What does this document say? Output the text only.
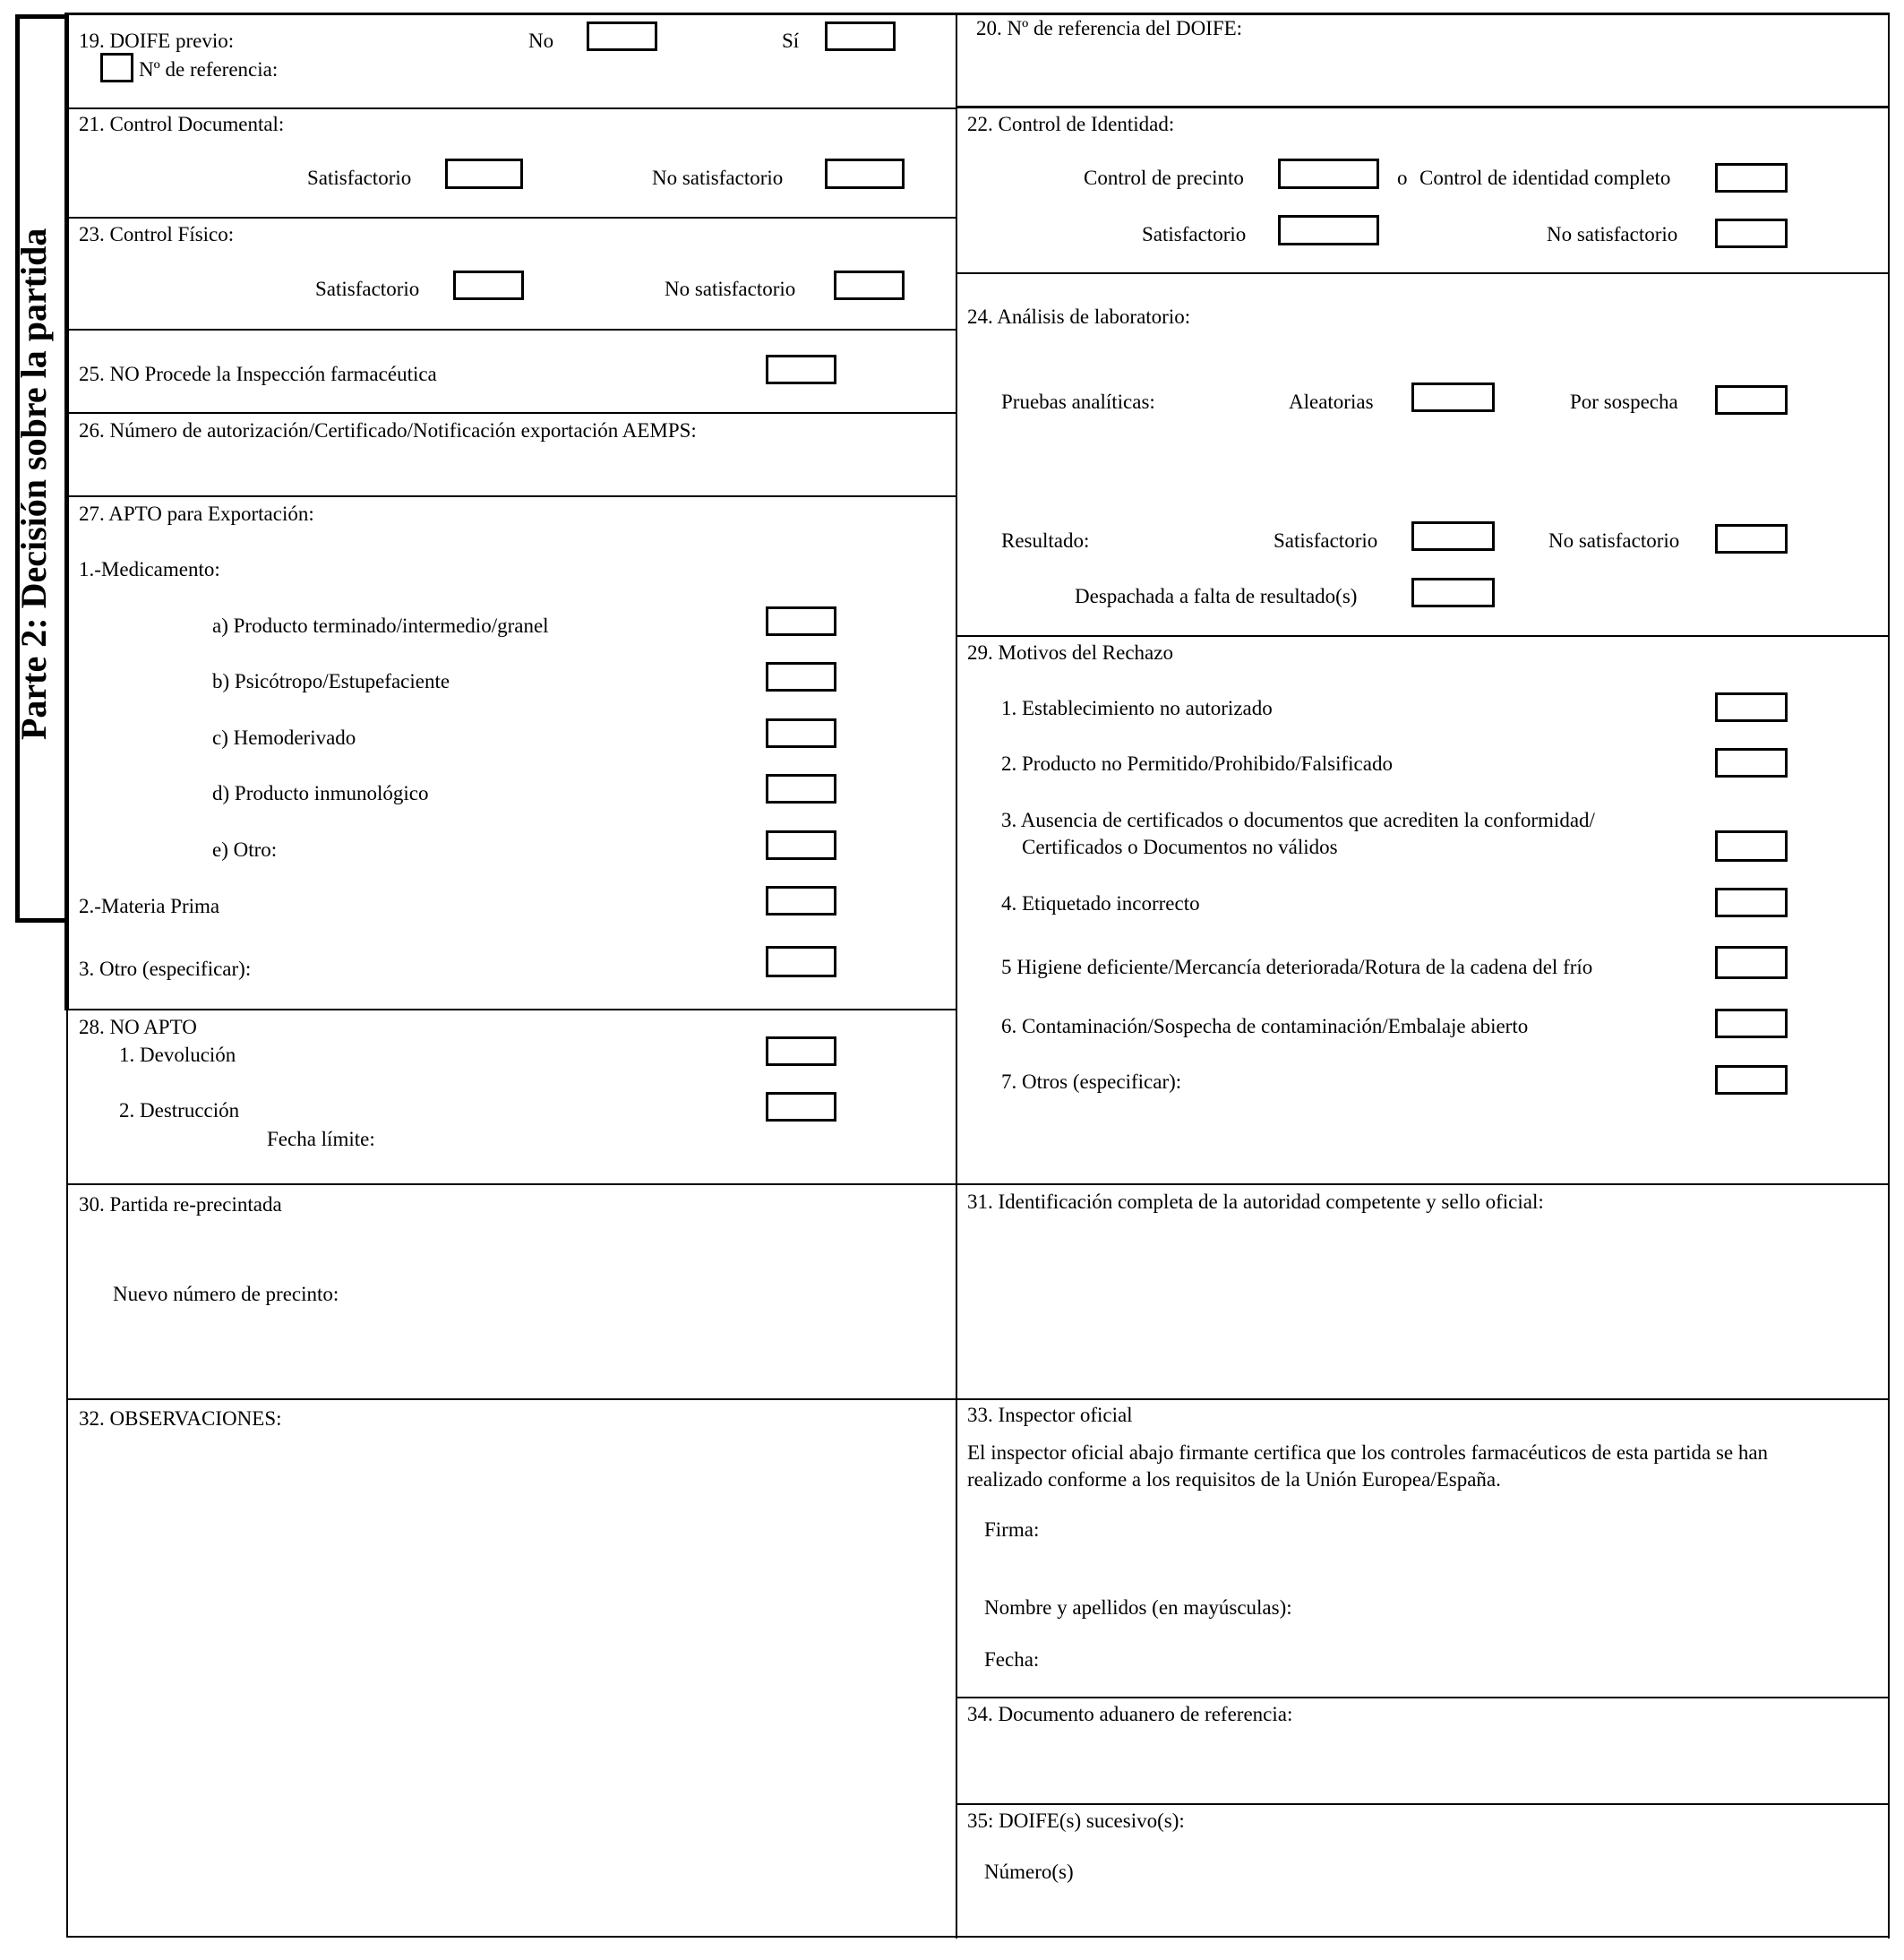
Parte 2: Decisión sobre la partida
19. DOIFE previo:	No	Sí
Nº de referencia:
20. Nº de referencia del DOIFE:
21. Control Documental:
Satisfactorio	No satisfactorio
22. Control de Identidad:
Control de precinto	o Control de identidad completo
Satisfactorio	No satisfactorio
23. Control Físico:
Satisfactorio	No satisfactorio
24. Análisis de laboratorio:
Pruebas analíticas:	Aleatorias	Por sospecha
Resultado:	Satisfactorio	No satisfactorio
Despachada a falta de resultado(s)
25. NO Procede la Inspección farmacéutica
26. Número de autorización/Certificado/Notificación exportación AEMPS:
27. APTO para Exportación:
1.-Medicamento:
a) Producto terminado/intermedio/granel
b) Psicótropo/Estupefaciente
c) Hemoderivado
d) Producto inmunológico
e) Otro:
2.-Materia Prima
3. Otro (especificar):
28. NO APTO
1. Devolución
2. Destrucción
Fecha límite:
29. Motivos del Rechazo
1. Establecimiento no autorizado
2. Producto no Permitido/Prohibido/Falsificado
3. Ausencia de certificados o documentos que acrediten la conformidad/
Certificados o Documentos no válidos
4. Etiquetado incorrecto
5 Higiene deficiente/Mercancía deteriorada/Rotura de la cadena del frío
6. Contaminación/Sospecha de contaminación/Embalaje abierto
7. Otros (especificar):
30. Partida re-precintada
Nuevo número de precinto:
31. Identificación completa de la autoridad competente y sello oficial:
32. OBSERVACIONES:	33. Inspector oficial
El inspector oficial abajo firmante certifica que los controles farmacéuticos de esta partida se han
realizado conforme a los requisitos de la Unión Europea/España.
Firma:
Nombre y apellidos (en mayúsculas):
Fecha:
34. Documento aduanero de referencia:
35: DOIFE(s) sucesivo(s):
Número(s)
